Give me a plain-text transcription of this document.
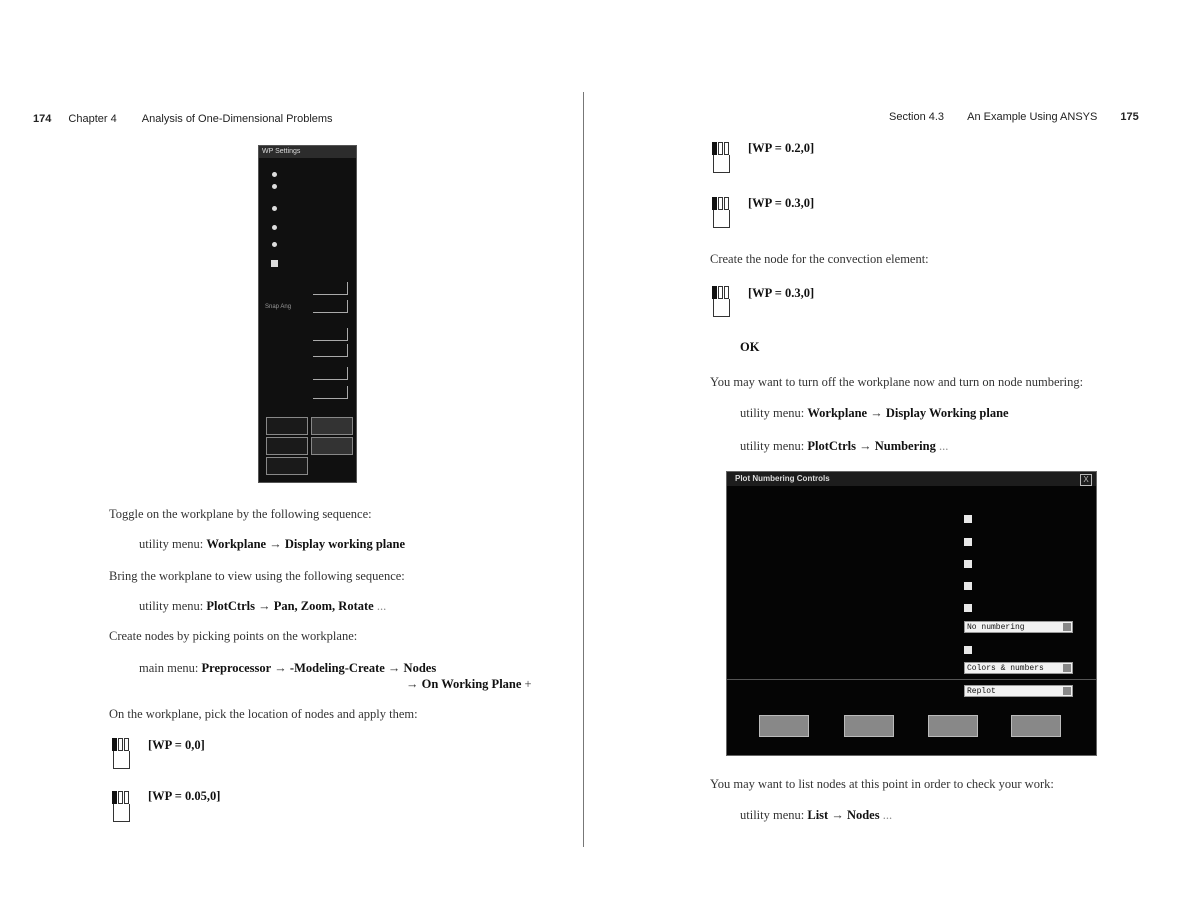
174 Chapter 4 Analysis of One-Dimensional Problems
WP Settings
Snap Ang
Toggle on the workplane by the following sequence:
utility menu: Workplane → Display working plane
Bring the workplane to view using the following sequence:
utility menu: PlotCtrls → Pan, Zoom, Rotate ...
Create nodes by picking points on the workplane:
main menu: Preprocessor → -Modeling-Create → Nodes
→ On Working Plane +
On the workplane, pick the location of nodes and apply them:
[WP = 0,0]
[WP = 0.05,0]
Section 4.3 An Example Using ANSYS 175
[WP = 0.2,0]
[WP = 0.3,0]
Create the node for the convection element:
[WP = 0.3,0]
OK
You may want to turn off the workplane now and turn on node numbering:
utility menu: Workplane → Display Working plane
utility menu: PlotCtrls → Numbering ...
Plot Numbering Controls	X
No numbering
Colors & numbers
Replot
You may want to list nodes at this point in order to check your work:
utility menu: List → Nodes ...
